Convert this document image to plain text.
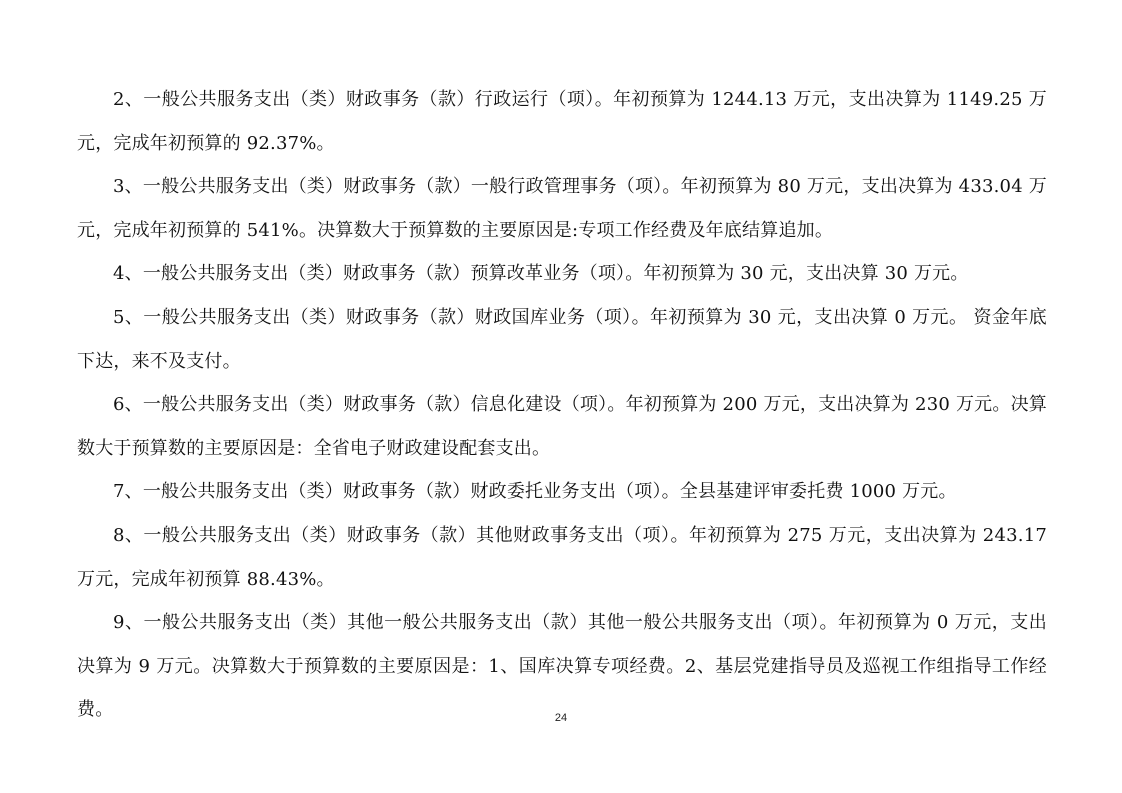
2、一般公共服务支出（类）财政事务（款）行政运行（项）。年初预算为 1244.13 万元，支出决算为 1149.25 万元，完成年初预算的 92.37%。

3、一般公共服务支出（类）财政事务（款）一般行政管理事务（项）。年初预算为 80 万元，支出决算为 433.04 万元，完成年初预算的 541%。决算数大于预算数的主要原因是:专项工作经费及年底结算追加。

4、一般公共服务支出（类）财政事务（款）预算改革业务（项）。年初预算为 30 元，支出决算 30 万元。

5、一般公共服务支出（类）财政事务（款）财政国库业务（项）。年初预算为 30 元，支出决算 0 万元。 资金年底下达，来不及支付。

6、一般公共服务支出（类）财政事务（款）信息化建设（项）。年初预算为 200 万元，支出决算为 230 万元。决算数大于预算数的主要原因是：全省电子财政建设配套支出。

7、一般公共服务支出（类）财政事务（款）财政委托业务支出（项）。全县基建评审委托费 1000 万元。

8、一般公共服务支出（类）财政事务（款）其他财政事务支出（项）。年初预算为 275 万元，支出决算为 243.17 万元，完成年初预算 88.43%。

9、一般公共服务支出（类）其他一般公共服务支出（款）其他一般公共服务支出（项）。年初预算为 0 万元，支出决算为 9 万元。决算数大于预算数的主要原因是：1、国库决算专项经费。2、基层党建指导员及巡视工作组指导工作经费。	24
